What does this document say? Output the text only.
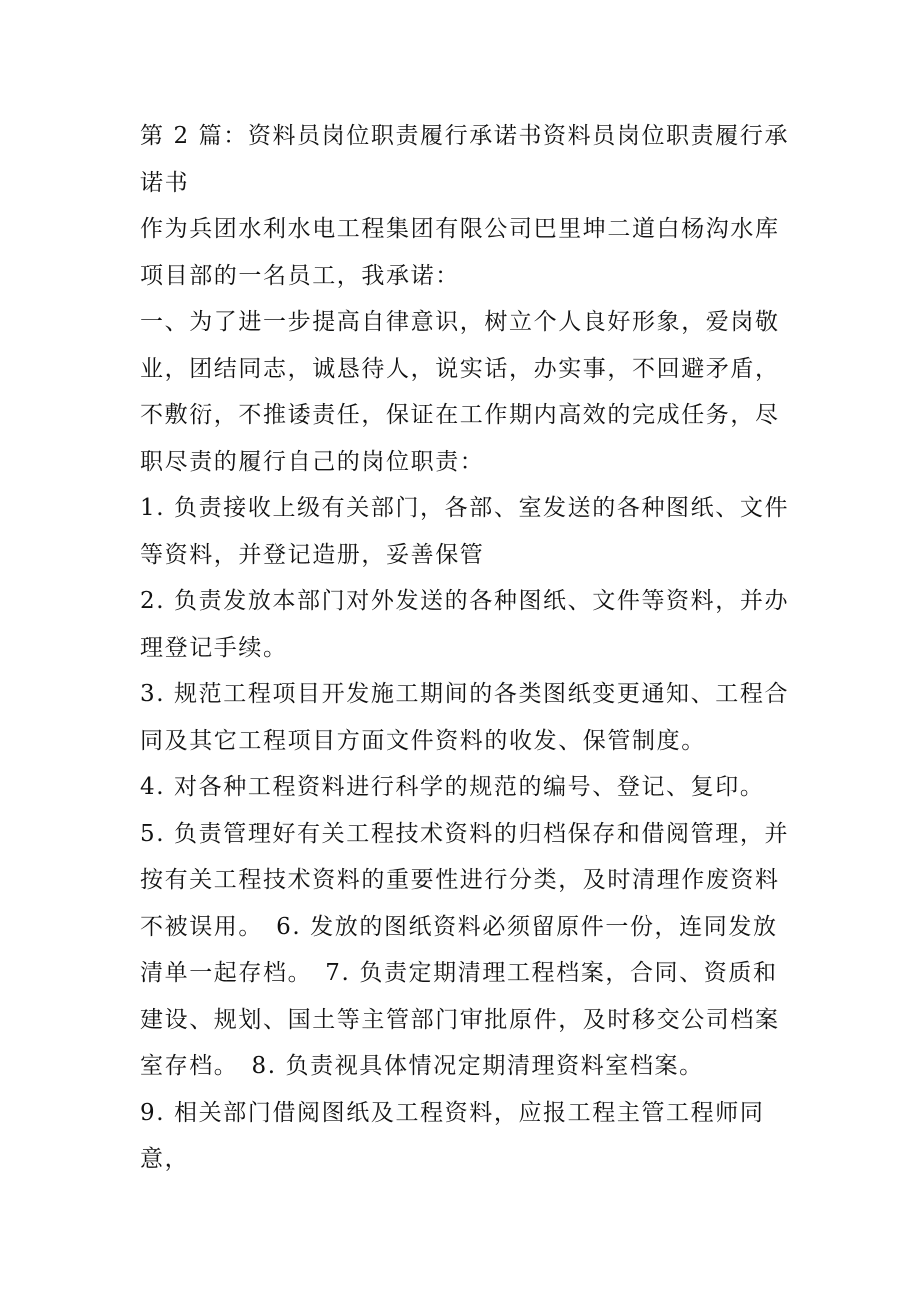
第 2 篇：资料员岗位职责履行承诺书资料员岗位职责履行承诺书

作为兵团水利水电工程集团有限公司巴里坤二道白杨沟水库项目部的一名员工，我承诺：

一、为了进一步提高自律意识，树立个人良好形象，爱岗敬业，团结同志，诚恳待人，说实话，办实事，不回避矛盾，不敷衍，不推诿责任，保证在工作期内高效的完成任务，尽职尽责的履行自己的岗位职责：

1. 负责接收上级有关部门，各部、室发送的各种图纸、文件等资料，并登记造册，妥善保管

2. 负责发放本部门对外发送的各种图纸、文件等资料，并办理登记手续。

3. 规范工程项目开发施工期间的各类图纸变更通知、工程合同及其它工程项目方面文件资料的收发、保管制度。

4. 对各种工程资料进行科学的规范的编号、登记、复印。

5. 负责管理好有关工程技术资料的归档保存和借阅管理，并按有关工程技术资料的重要性进行分类，及时清理作废资料不被误用。　6. 发放的图纸资料必须留原件一份，连同发放清单一起存档。　7. 负责定期清理工程档案，合同、资质和建设、规划、国土等主管部门审批原件，及时移交公司档案室存档。　8. 负责视具体情况定期清理资料室档案。

9. 相关部门借阅图纸及工程资料，应报工程主管工程师同意，
